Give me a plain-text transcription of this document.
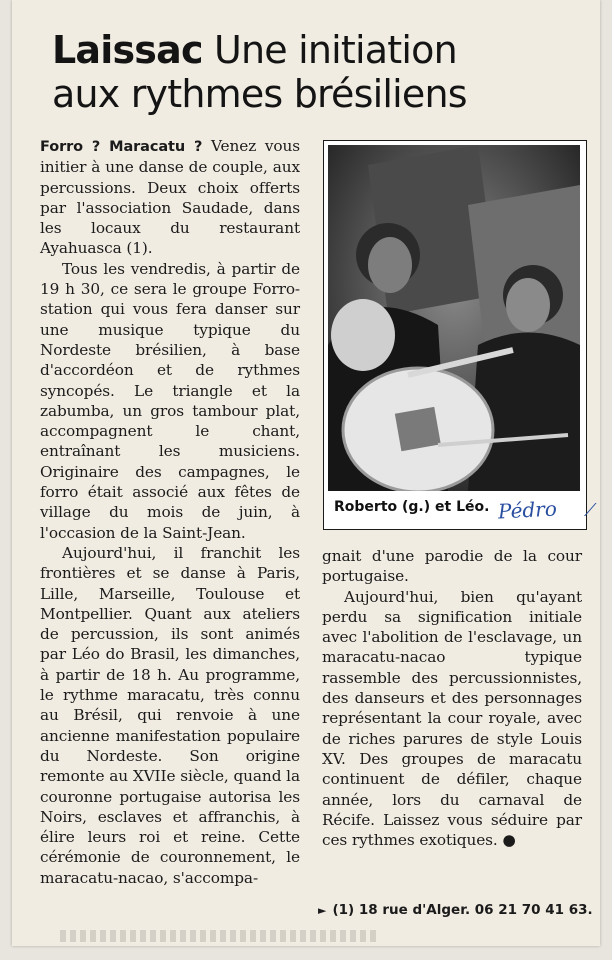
Laissac Une initiation
aux rythmes brésiliens

Forro ? Maracatu ? Venez vous initier à une danse de couple, aux percussions. Deux choix offerts par l'association Saudade, dans les locaux du restaurant Ayahuasca (1).

Tous les vendredis, à partir de 19 h 30, ce sera le groupe Forro-station qui vous fera danser sur une musique typique du Nordeste brésilien, à base d'accordéon et de rythmes syncopés. Le triangle et la zabumba, un gros tambour plat, accompagnent le chant, entraînant les musiciens. Originaire des campagnes, le forro était associé aux fêtes de village du mois de juin, à l'occasion de la Saint-Jean.

Aujourd'hui, il franchit les frontières et se danse à Paris, Lille, Marseille, Toulouse et Montpellier. Quant aux ateliers de percussion, ils sont animés par Léo do Brasil, les dimanches, à partir de 18 h. Au programme, le rythme maracatu, très connu au Brésil, qui renvoie à une ancienne manifestation populaire du Nordeste. Son origine remonte au XVIIe siècle, quand la couronne portugaise autorisa les Noirs, esclaves et affranchis, à élire leurs roi et reine. Cette cérémonie de couronnement, le maracatu-nacao, s'accompa-

Roberto (g.) et Léo. Pédro ⟋

gnait d'une parodie de la cour portugaise.

Aujourd'hui, bien qu'ayant perdu sa signification initiale avec l'abolition de l'esclavage, un maracatu-nacao typique rassemble des percussionnistes, des danseurs et des personnages représentant la cour royale, avec de riches parures de style Louis XV. Des groupes de maracatu continuent de défiler, chaque année, lors du carnaval de Récife. Laissez vous séduire par ces rythmes exotiques. ●

► (1) 18 rue d'Alger. 06 21 70 41 63.
